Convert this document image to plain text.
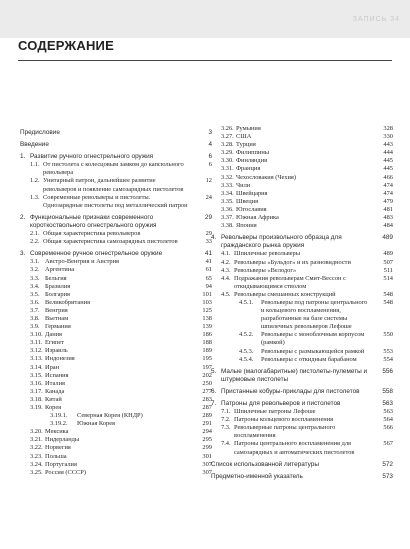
ЗАПИСЬ 34
СОДЕРЖАНИЕ
Предисловие	3
Введение	4
1. Развитие ручного огнестрельного оружия	6
1.1. От пистолета с колесцовым замком до капсюльного револьвера
6
1.2. Унитарный патрон, дальнейшее развитие револьверов и появление самозарядных пистолетов
12
1.3. Современные револьверы и пистолеты. Однозарядные пистолеты под металлический патрон
24
2. Функциональные признаки современного короткоствольного огнестрельного оружия
29
2.1. Общая характеристика револьверов	29
2.2. Общая характеристика самозарядных пистолетов	33
3. Современное ручное огнестрельное оружие	41
3.1. Австро-Венгрия и Австрия	41
3.2. Аргентина	61
3.3. Бельгия	65
3.4. Бразилия	94
3.5. Болгария	101
3.6. Великобритания	103
3.7. Венгрия	125
3.8. Вьетнам	138
3.9. Германия	139
3.10. Дания	186
3.11. Египет	188
3.12. Израиль	189
3.13. Индонезия	195
3.14. Иран	197
3.15. Испания	202
3.16. Италия	250
3.17. Канада	277
3.18. Китай	283
3.19. Корея	287
3.19.1.	Северная Корея (КНДР)	289
3.19.2.	Южная Корея	291
3.20. Мексика	294
3.21. Нидерланды	295
3.22. Норвегия	299
3.23. Польша	301
3.24. Португалия	307
3.25. Россия (СССР)	307
3.26. Румыния	328
3.27. США	330
3.28. Турция	443
3.29. Филиппины	444
3.30. Финляндия	445
3.31. Франция	445
3.32. Чехословакия (Чехия)	466
3.33. Чили	474
3.34. Швейцария	474
3.35. Швеция	479
3.36. Югославия	481
3.37. Южная Африка	483
3.38. Япония	484
4. Револьверы произвольного образца для гражданского рынка оружия
489
4.1. Шпилечные револьверы	489
4.2. Револьверы «Бульдог» и их разновидности	507
4.3. Револьверы «Велодог»	511
4.4. Подражания револьверам Смит-Вессон с откидывающимся стволом
514
4.5. Револьверы смешанных конструкций	548
4.5.1.	Револьверы под патроны центрального и кольцевого воспламенения, разработанные на базе системы шпилечных револьверов Лефоше
548
4.5.2.	Револьверы с моноблочным корпусом (рамкой)
550
4.5.3.	Револьверы с размыкающейся рамкой	553
4.5.4.	Револьверы с откидным барабаном	554
5. Малые (малогабаритные) пистолеты-пулеметы и штурмовые пистолеты
556
6. Пристанные кобуры-приклады для пистолетов	558
7. Патроны для револьверов и пистолетов	563
7.1. Шпилечные патроны Лефоше	563
7.2. Патроны кольцевого воспламенения	564
7.3. Револьверные патроны центрального воспламенения
566
7.4. Патроны центрального воспламенения для самозарядных и автоматических пистолетов
567
Список использованной литературы	572
Предметно-именной указатель	573
